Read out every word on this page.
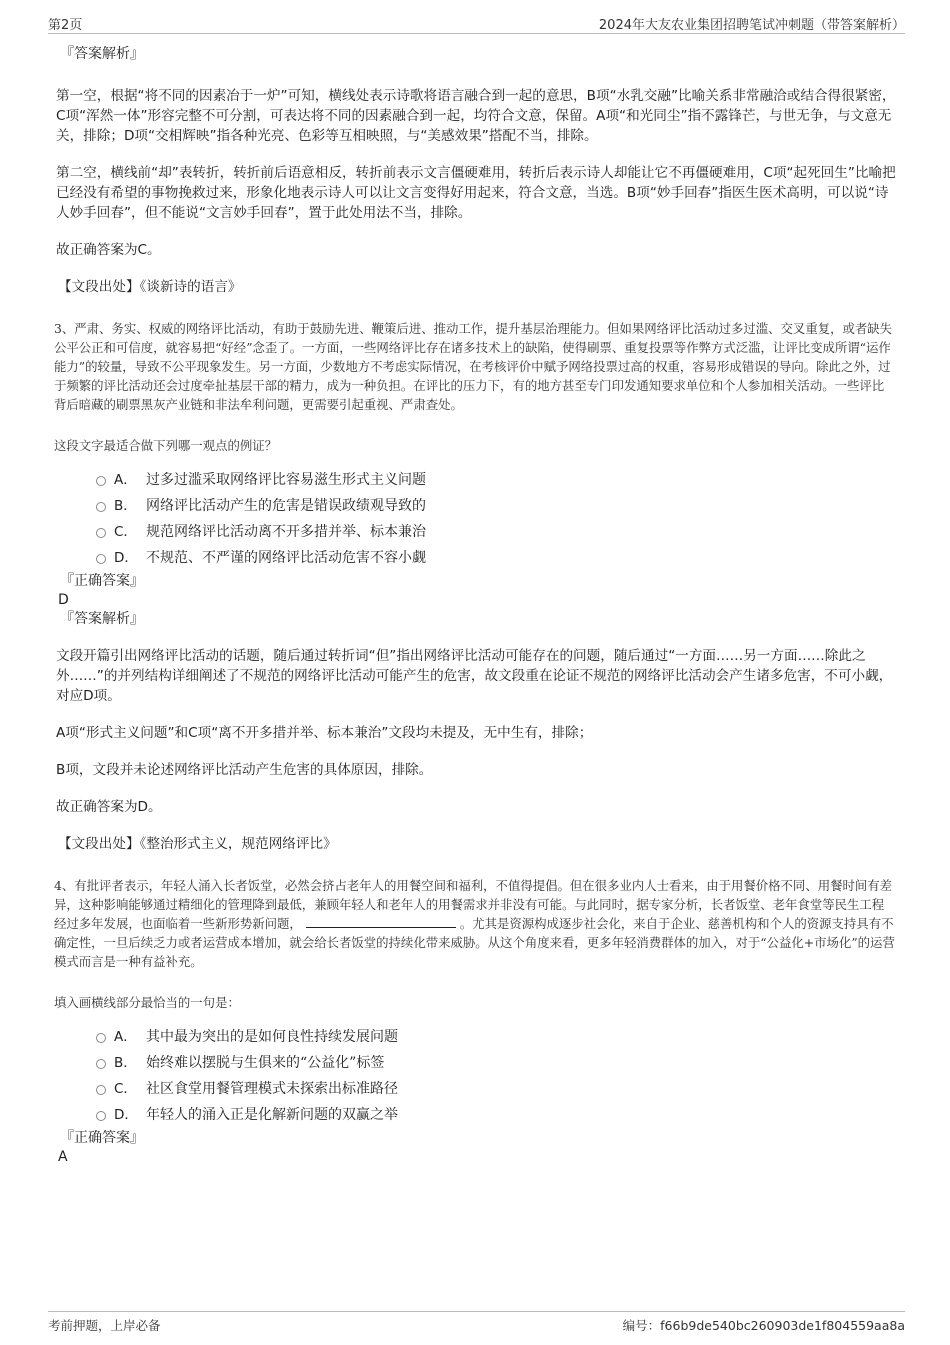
第2页	2024年大友农业集团招聘笔试冲刺题（带答案解析）
『答案解析』
第一空，根据“将不同的因素冶于一炉”可知，横线处表示诗歌将语言融合到一起的意思，B项“水乳交融”比喻关系非常融洽或结合得很紧密，C项“浑然一体”形容完整不可分割，可表达将不同的因素融合到一起，均符合文意，保留。A项“和光同尘”指不露锋芒，与世无争，与文意无关，排除；D项“交相辉映”指各种光亮、色彩等互相映照，与“美感效果”搭配不当，排除。
第二空，横线前“却”表转折，转折前后语意相反，转折前表示文言僵硬难用，转折后表示诗人却能让它不再僵硬难用，C项“起死回生”比喻把已经没有希望的事物挽救过来，形象化地表示诗人可以让文言变得好用起来，符合文意，当选。B项“妙手回春”指医生医术高明，可以说“诗人妙手回春”，但不能说“文言妙手回春”，置于此处用法不当，排除。
故正确答案为C。
【文段出处】《谈新诗的语言》
3、严肃、务实、权威的网络评比活动，有助于鼓励先进、鞭策后进、推动工作，提升基层治理能力。但如果网络评比活动过多过滥、交叉重复，或者缺失公平公正和可信度，就容易把“好经”念歪了。一方面，一些网络评比存在诸多技术上的缺陷，使得刷票、重复投票等作弊方式泛滥，让评比变成所谓“运作能力”的较量，导致不公平现象发生。另一方面，少数地方不考虑实际情况，在考核评价中赋予网络投票过高的权重，容易形成错误的导向。除此之外，过于频繁的评比活动还会过度牵扯基层干部的精力，成为一种负担。在评比的压力下，有的地方甚至专门印发通知要求单位和个人参加相关活动。一些评比背后暗藏的刷票黑灰产业链和非法牟利问题，更需要引起重视、严肃查处。
这段文字最适合做下列哪一观点的例证？
A． 过多过滥采取网络评比容易滋生形式主义问题
B． 网络评比活动产生的危害是错误政绩观导致的
C． 规范网络评比活动离不开多措并举、标本兼治
D． 不规范、不严谨的网络评比活动危害不容小觑
『正确答案』
D
『答案解析』
文段开篇引出网络评比活动的话题，随后通过转折词“但”指出网络评比活动可能存在的问题，随后通过“一方面……另一方面……除此之外……”的并列结构详细阐述了不规范的网络评比活动可能产生的危害，故文段重在论证不规范的网络评比活动会产生诸多危害，不可小觑，对应D项。
A项“形式主义问题”和C项“离不开多措并举、标本兼治”文段均未提及，无中生有，排除；
B项，文段并未论述网络评比活动产生危害的具体原因，排除。
故正确答案为D。
【文段出处】《整治形式主义，规范网络评比》
4、有批评者表示，年轻人涌入长者饭堂，必然会挤占老年人的用餐空间和福利，不值得提倡。但在很多业内人士看来，由于用餐价格不同、用餐时间有差异，这种影响能够通过精细化的管理降到最低，兼顾年轻人和老年人的用餐需求并非没有可能。与此同时，据专家分析，长者饭堂、老年食堂等民生工程经过多年发展，也面临着一些新形势新问题，	。尤其是资源构成逐步社会化，来自于企业、慈善机构和个人的资源支持具有不确定性，一旦后续乏力或者运营成本增加，就会给长者饭堂的持续化带来威胁。从这个角度来看，更多年轻消费群体的加入，对于“公益化+市场化”的运营模式而言是一种有益补充。
填入画横线部分最恰当的一句是：
A． 其中最为突出的是如何良性持续发展问题
B． 始终难以摆脱与生俱来的“公益化”标签
C． 社区食堂用餐管理模式未探索出标准路径
D． 年轻人的涌入正是化解新问题的双赢之举
『正确答案』
A
考前押题，上岸必备	编号：f66b9de540bc260903de1f804559aa8a
